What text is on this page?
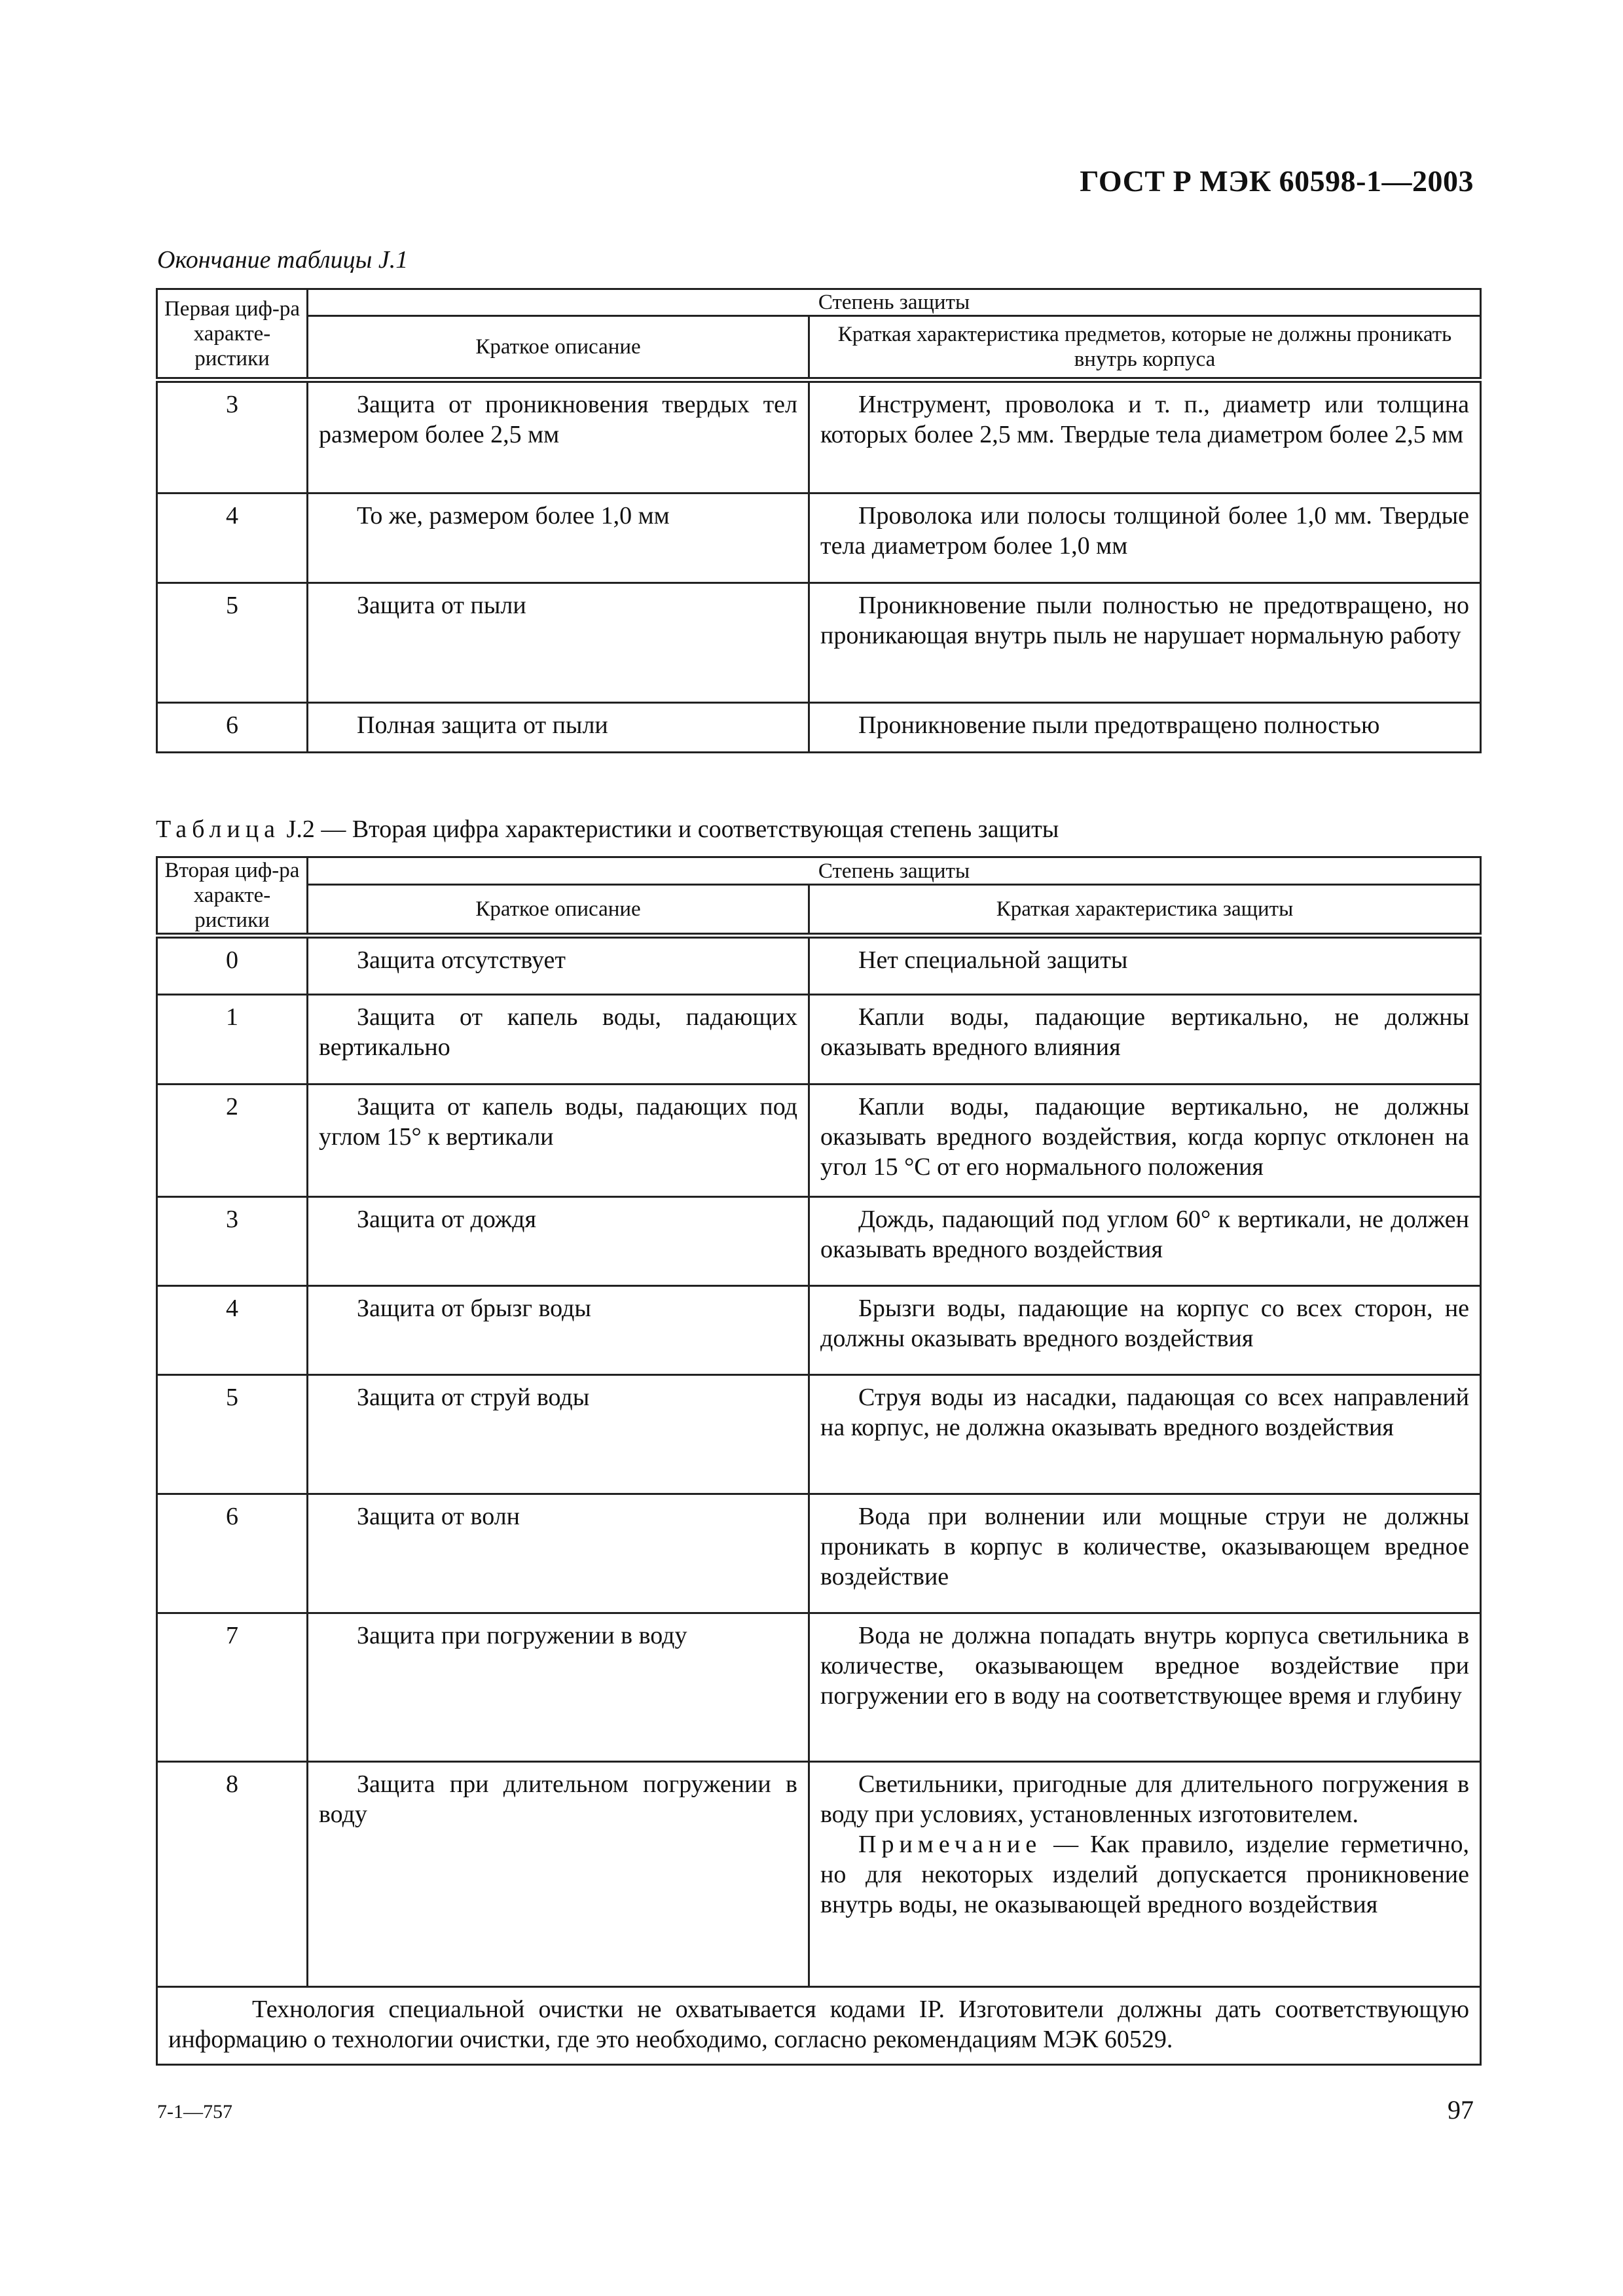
ГОСТ Р МЭК 60598-1—2003
Окончание таблицы J.1
Первая циф-ра характе-ристики	Степень защиты	
	Краткое описание	Краткая характеристика предметов, которые не должны проникать внутрь корпуса
3	Защита от проникновения твердых тел размером более 2,5 мм	Инструмент, проволока и т. п., диаметр или толщина которых более 2,5 мм. Твердые тела диаметром более 2,5 мм
4	То же, размером более 1,0 мм	Проволока или полосы толщиной более 1,0 мм. Твердые тела диаметром более 1,0 мм
5	Защита от пыли	Проникновение пыли полностью не предотвращено, но проникающая внутрь пыль не нарушает нормальную работу
6	Полная защита от пыли	Проникновение пыли предотвращено полностью
Таблица J.2 — Вторая цифра характеристики и соответствующая степень защиты
Вторая циф-ра характе-ристики	Степень защиты	
	Краткое описание	Краткая характеристика защиты
0	Защита отсутствует	Нет специальной защиты
1	Защита от капель воды, падающих вертикально	Капли воды, падающие вертикально, не должны оказывать вредного влияния
2	Защита от капель воды, падающих под углом 15° к вертикали	Капли воды, падающие вертикально, не должны оказывать вредного воздействия, когда корпус отклонен на угол 15 °С от его нормального положения
3	Защита от дождя	Дождь, падающий под углом 60° к вертикали, не должен оказывать вредного воздействия
4	Защита от брызг воды	Брызги воды, падающие на корпус со всех сторон, не должны оказывать вредного воздействия
5	Защита от струй воды	Струя воды из насадки, падающая со всех направлений на корпус, не должна оказывать вредного воздействия
6	Защита от волн	Вода при волнении или мощные струи не должны проникать в корпус в количестве, оказывающем вредное воздействие
7	Защита при погружении в воду	Вода не должна попадать внутрь корпуса светильника в количестве, оказывающем вредное воздействие при погружении его в воду на соответствующее время и глубину
8	Защита при длительном погружении в воду	Светильники, пригодные для длительного погружения в воду при условиях, установленных изготовителем.
Примечание — Как правило, изделие герметично, но для некоторых изделий допускается проникновение внутрь воды, не оказывающей вредного воздействия

Технология специальной очистки не охватывается кодами IP. Изготовители должны дать соответствующую информацию о технологии очистки, где это необходимо, согласно рекомендациям МЭК 60529.		
7-1—757	97
